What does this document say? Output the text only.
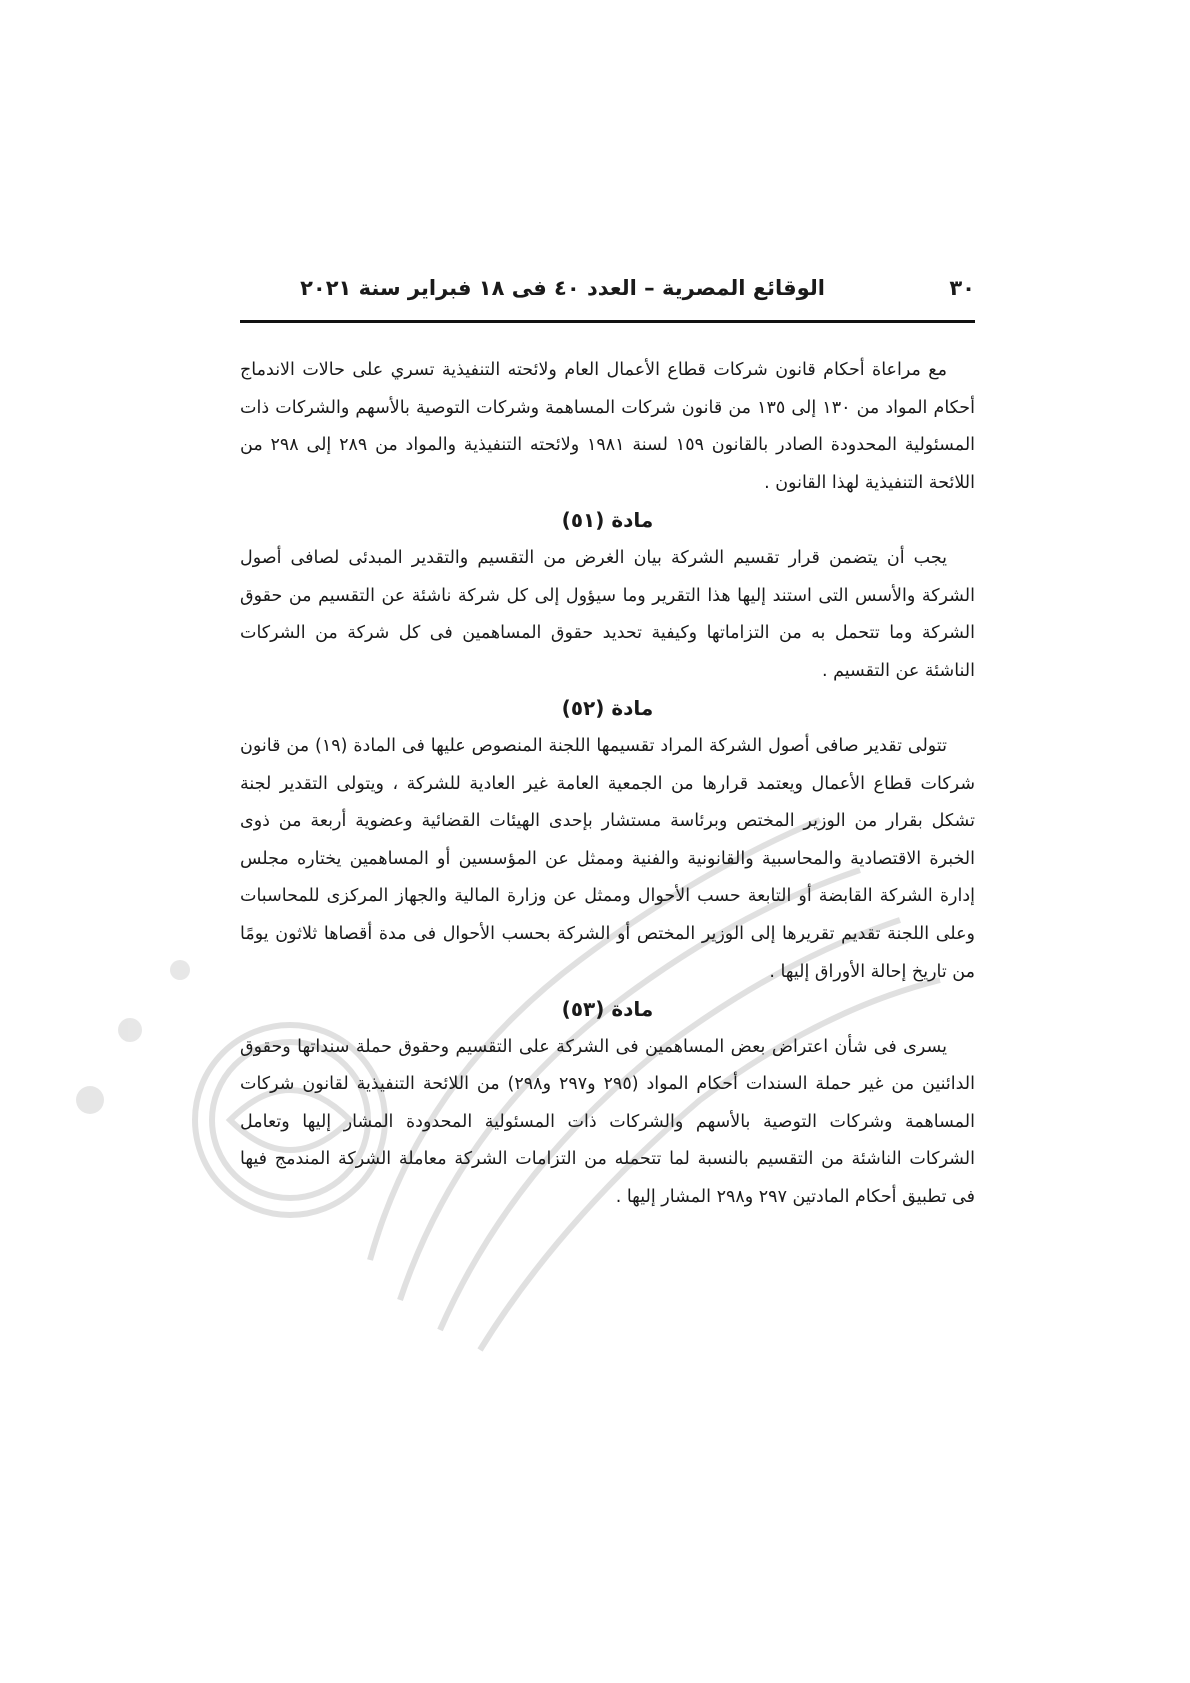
الوقائع المصرية – العدد ٤٠ فى ١٨ فبراير سنة ٢٠٢١	٣٠

مع مراعاة أحكام قانون شركات قطاع الأعمال العام ولائحته التنفيذية تسري على حالات الاندماج أحكام المواد من ١٣٠ إلى ١٣٥ من قانون شركات المساهمة وشركات التوصية بالأسهم والشركات ذات المسئولية المحدودة الصادر بالقانون ١٥٩ لسنة ١٩٨١ ولائحته التنفيذية والمواد من ٢٨٩ إلى ٢٩٨ من اللائحة التنفيذية لهذا القانون .

مادة (٥١)

يجب أن يتضمن قرار تقسيم الشركة بيان الغرض من التقسيم والتقدير المبدئى لصافى أصول الشركة والأسس التى استند إليها هذا التقرير وما سيؤول إلى كل شركة ناشئة عن التقسيم من حقوق الشركة وما تتحمل به من التزاماتها وكيفية تحديد حقوق المساهمين فى كل شركة من الشركات الناشئة عن التقسيم .

مادة (٥٢)

تتولى تقدير صافى أصول الشركة المراد تقسيمها اللجنة المنصوص عليها فى المادة (١٩) من قانون شركات قطاع الأعمال ويعتمد قرارها من الجمعية العامة غير العادية للشركة ، ويتولى التقدير لجنة تشكل بقرار من الوزير المختص وبرئاسة مستشار بإحدى الهيئات القضائية وعضوية أربعة من ذوى الخبرة الاقتصادية والمحاسبية والقانونية والفنية وممثل عن المؤسسين أو المساهمين يختاره مجلس إدارة الشركة القابضة أو التابعة حسب الأحوال وممثل عن وزارة المالية والجهاز المركزى للمحاسبات وعلى اللجنة تقديم تقريرها إلى الوزير المختص أو الشركة بحسب الأحوال فى مدة أقصاها ثلاثون يومًا من تاريخ إحالة الأوراق إليها .

مادة (٥٣)

يسرى فى شأن اعتراض بعض المساهمين فى الشركة على التقسيم وحقوق حملة سنداتها وحقوق الدائنين من غير حملة السندات أحكام المواد (٢٩٥ و٢٩٧ و٢٩٨) من اللائحة التنفيذية لقانون شركات المساهمة وشركات التوصية بالأسهم والشركات ذات المسئولية المحدودة المشار إليها وتعامل الشركات الناشئة من التقسيم بالنسبة لما تتحمله من التزامات الشركة معاملة الشركة المندمج فيها فى تطبيق أحكام المادتين ٢٩٧ و٢٩٨ المشار إليها .
